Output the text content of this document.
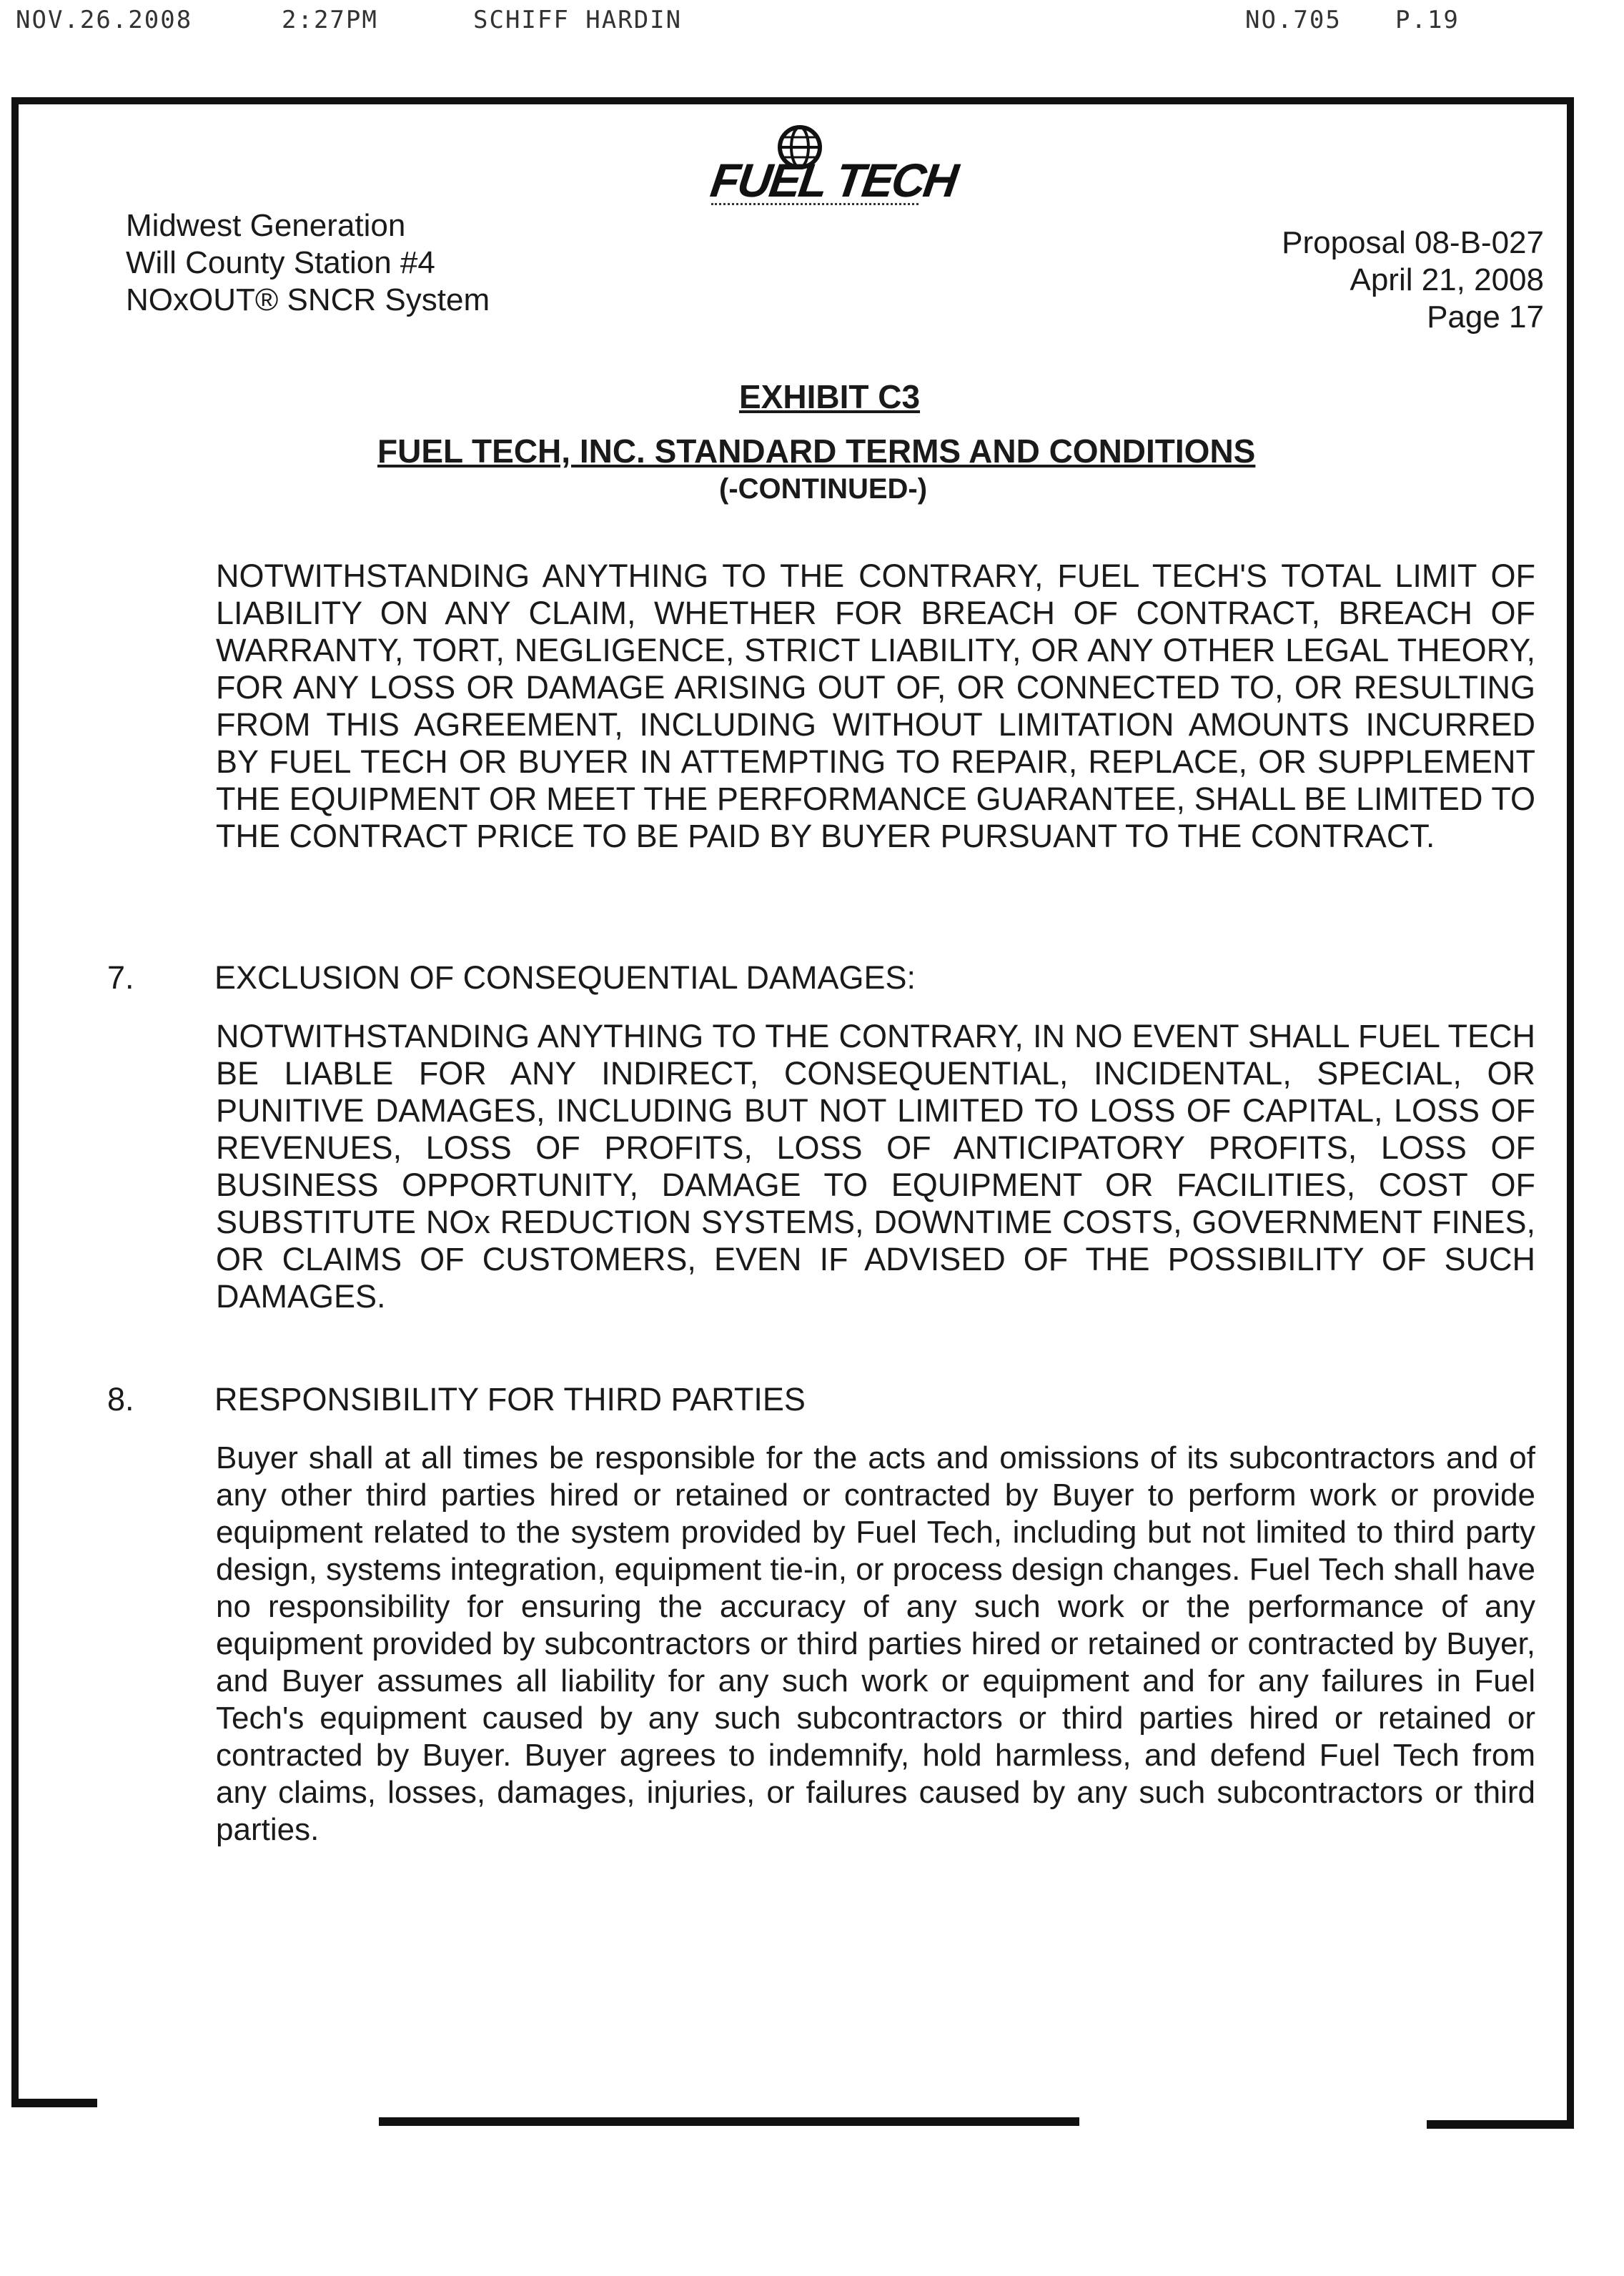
NOV.26.2008	2:27PM	SCHIFF HARDIN	NO.705 P.19
FUEL TECH
Midwest Generation
Will County Station #4
NOxOUT® SNCR System
Proposal 08-B-027
April 21, 2008
Page 17
EXHIBIT C3
FUEL TECH, INC. STANDARD TERMS AND CONDITIONS
(-CONTINUED-)
NOTWITHSTANDING ANYTHING TO THE CONTRARY, FUEL TECH'S TOTAL LIMIT OF LIABILITY ON ANY CLAIM, WHETHER FOR BREACH OF CONTRACT, BREACH OF WARRANTY, TORT, NEGLIGENCE, STRICT LIABILITY, OR ANY OTHER LEGAL THEORY, FOR ANY LOSS OR DAMAGE ARISING OUT OF, OR CONNECTED TO, OR RESULTING FROM THIS AGREEMENT, INCLUDING WITHOUT LIMITATION AMOUNTS INCURRED BY FUEL TECH OR BUYER IN ATTEMPTING TO REPAIR, REPLACE, OR SUPPLEMENT THE EQUIPMENT OR MEET THE PERFORMANCE GUARANTEE, SHALL BE LIMITED TO THE CONTRACT PRICE TO BE PAID BY BUYER PURSUANT TO THE CONTRACT.
7. EXCLUSION OF CONSEQUENTIAL DAMAGES:
NOTWITHSTANDING ANYTHING TO THE CONTRARY, IN NO EVENT SHALL FUEL TECH BE LIABLE FOR ANY INDIRECT, CONSEQUENTIAL, INCIDENTAL, SPECIAL, OR PUNITIVE DAMAGES, INCLUDING BUT NOT LIMITED TO LOSS OF CAPITAL, LOSS OF REVENUES, LOSS OF PROFITS, LOSS OF ANTICIPATORY PROFITS, LOSS OF BUSINESS OPPORTUNITY, DAMAGE TO EQUIPMENT OR FACILITIES, COST OF SUBSTITUTE NOx REDUCTION SYSTEMS, DOWNTIME COSTS, GOVERNMENT FINES, OR CLAIMS OF CUSTOMERS, EVEN IF ADVISED OF THE POSSIBILITY OF SUCH DAMAGES.
8. RESPONSIBILITY FOR THIRD PARTIES
Buyer shall at all times be responsible for the acts and omissions of its subcontractors and of any other third parties hired or retained or contracted by Buyer to perform work or provide equipment related to the system provided by Fuel Tech, including but not limited to third party design, systems integration, equipment tie-in, or process design changes. Fuel Tech shall have no responsibility for ensuring the accuracy of any such work or the performance of any equipment provided by subcontractors or third parties hired or retained or contracted by Buyer, and Buyer assumes all liability for any such work or equipment and for any failures in Fuel Tech's equipment caused by any such subcontractors or third parties hired or retained or contracted by Buyer. Buyer agrees to indemnify, hold harmless, and defend Fuel Tech from any claims, losses, damages, injuries, or failures caused by any such subcontractors or third parties.
